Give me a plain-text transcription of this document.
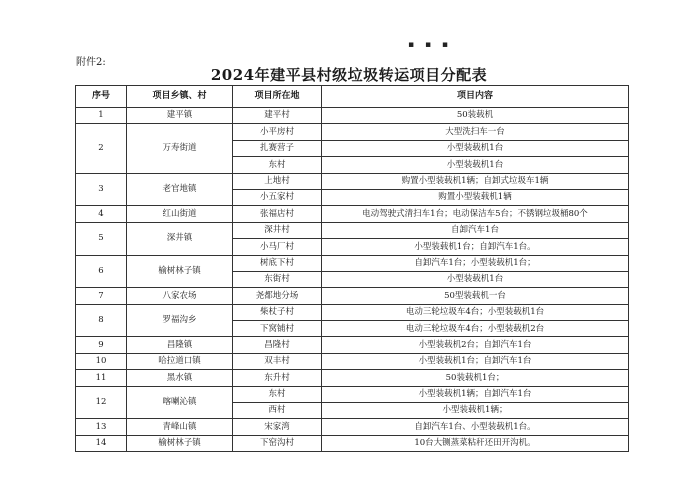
▪ ▪ ▪
附件2:
2024年建平县村级垃圾转运项目分配表
序号	项目乡镇、村	项目所在地	项目内容
1	建平镇	建平村	50装载机
2	万寿街道	小平房村	大型洗扫车一台
		扎赛营子	小型装载机1台
		东村	小型装载机1台
3	老官地镇	上地村	购置小型装载机1辆；自卸式垃圾车1辆
		小五家村	购置小型装载机1辆
4	红山街道	张福店村	电动驾驶式清扫车1台；电动保洁车5台；不锈钢垃圾桶80个
5	深井镇	深井村	自卸汽车1台
		小马厂村	小型装载机1台；自卸汽车1台。
6	榆树林子镇	树底下村	自卸汽车1台；小型装载机1台；
		东街村	小型装载机1台
7	八家农场	尧都地分场	50型装载机一台
8	罗福沟乡	柴杖子村	电动三轮垃圾车4台；小型装载机1台
		下窝铺村	电动三轮垃圾车4台；小型装载机2台
9	昌隆镇	昌隆村	小型装载机2台；自卸汽车1台
10	哈拉道口镇	双丰村	小型装载机1台；自卸汽车1台
11	黑水镇	东升村	50装载机1台；
12	喀喇沁镇	东村	小型装载机1辆；自卸汽车1台
		西村	小型装载机1辆；
13	青峰山镇	宋家湾	自卸汽车1台、小型装载机1台。
14	榆树林子镇	下窑沟村	10台大铡蒸菜粘秆还田开沟机。
